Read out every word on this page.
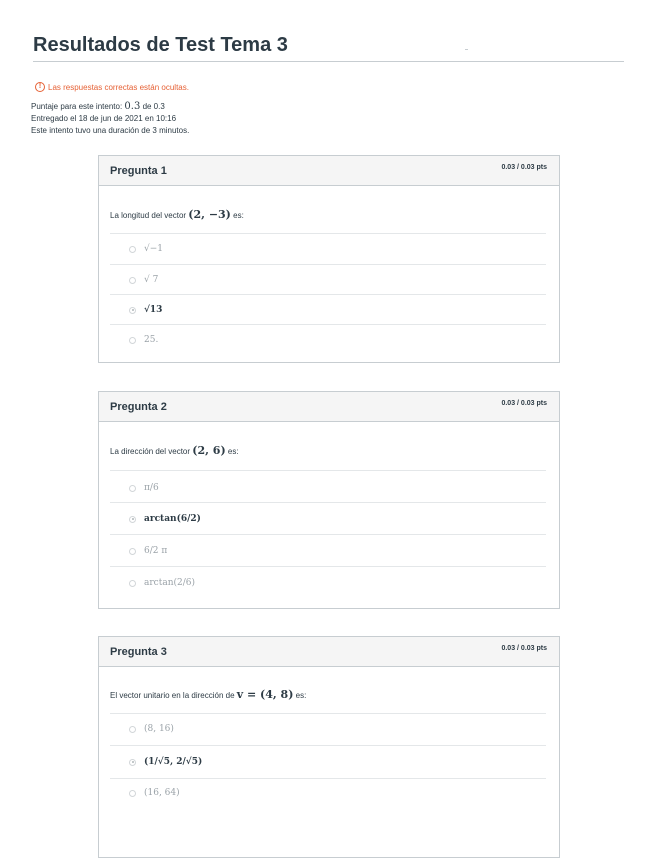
Resultados de Test Tema 3
! Las respuestas correctas están ocultas.
Puntaje para este intento: 0.3 de 0.3
Entregado el 18 de jun de 2021 en 10:16
Este intento tuvo una duración de 3 minutos.
Pregunta 1	0.03 / 0.03 pts
La longitud del vector (2, −3) es:
√−1
√ 7
√13
25.
Pregunta 2	0.03 / 0.03 pts
La dirección del vector (2, 6) es:
π/6
arctan(6/2)
6/2 π
arctan(2/6)
Pregunta 3	0.03 / 0.03 pts
El vector unitario en la dirección de v = (4, 8) es:
(8, 16)
(1/√5, 2/√5)
(16, 64)
